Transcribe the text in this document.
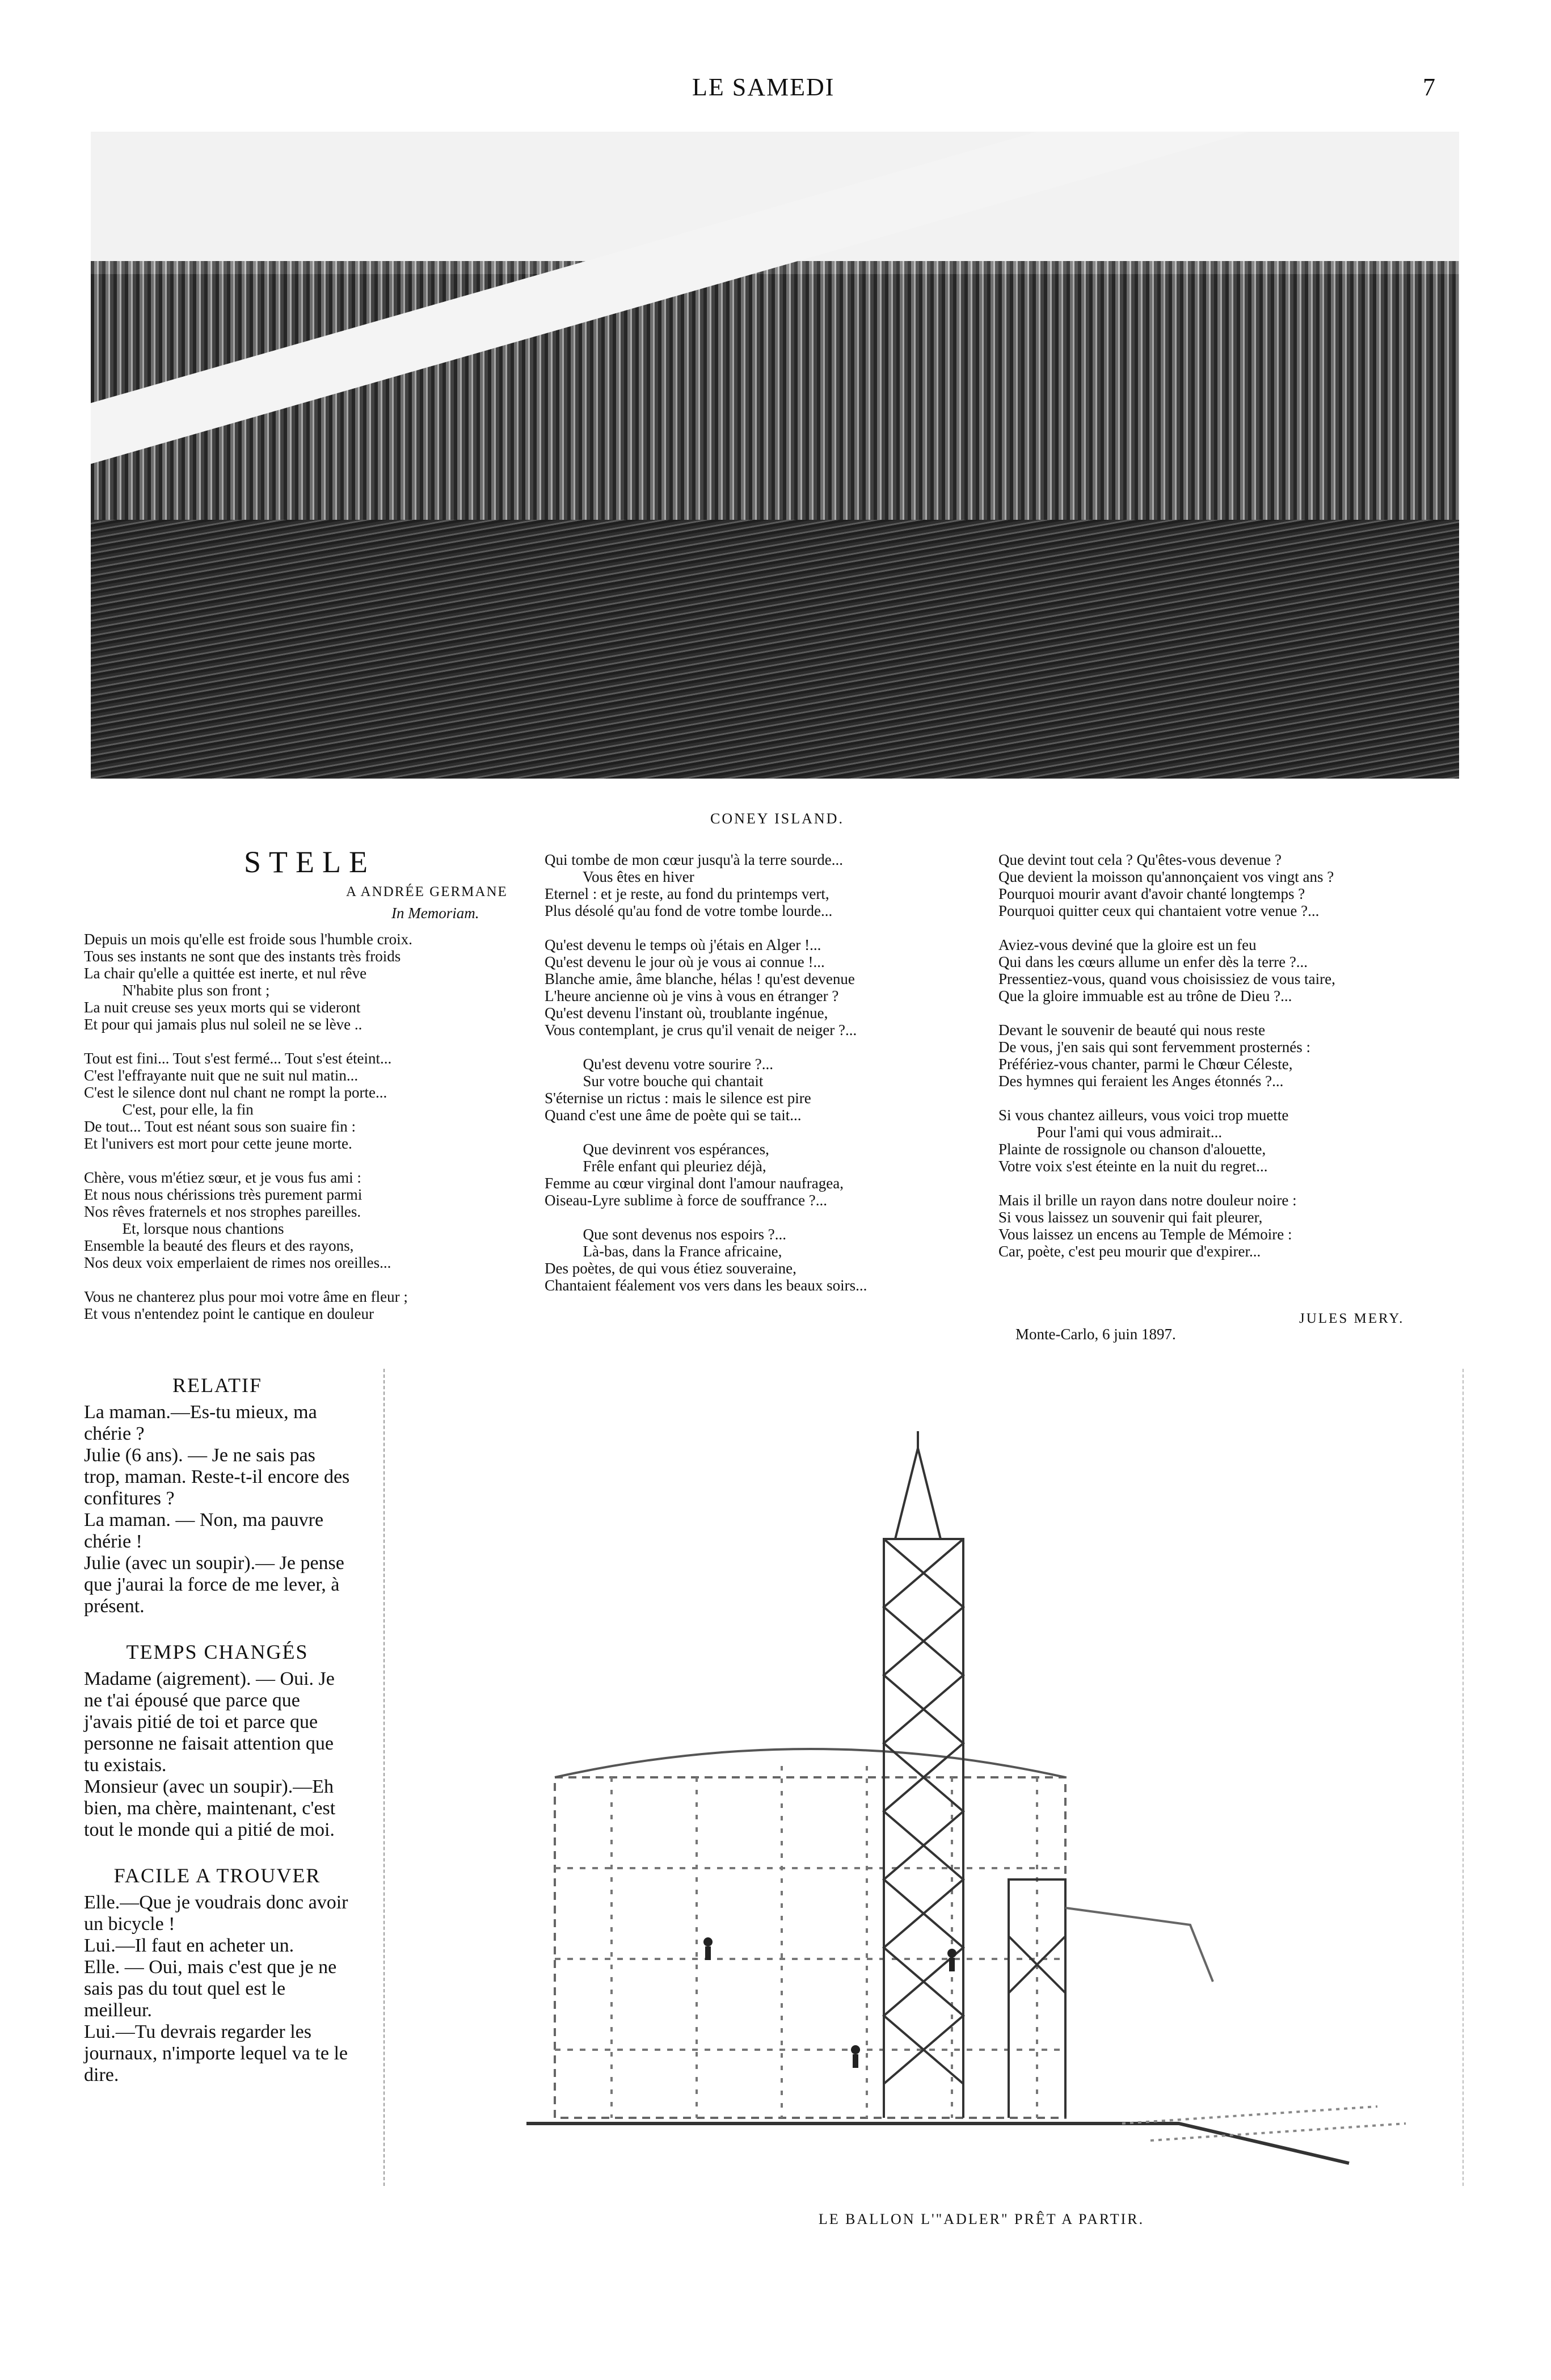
LE SAMEDI	7
CONEY ISLAND.
STELE
A ANDRÉE GERMANE
In Memoriam.
Depuis un mois qu'elle est froide sous l'humble croix.
Tous ses instants ne sont que des instants très froids
La chair qu'elle a quittée est inerte, et nul rêve
N'habite plus son front ;
La nuit creuse ses yeux morts qui se videront
Et pour qui jamais plus nul soleil ne se lève ..

Tout est fini... Tout s'est fermé... Tout s'est éteint...
C'est l'effrayante nuit que ne suit nul matin...
C'est le silence dont nul chant ne rompt la porte...
C'est, pour elle, la fin
De tout... Tout est néant sous son suaire fin :
Et l'univers est mort pour cette jeune morte.

Chère, vous m'étiez sœur, et je vous fus ami :
Et nous nous chérissions très purement parmi
Nos rêves fraternels et nos strophes pareilles.
Et, lorsque nous chantions
Ensemble la beauté des fleurs et des rayons,
Nos deux voix emperlaient de rimes nos oreilles...

Vous ne chanterez plus pour moi votre âme en fleur ;
Et vous n'entendez point le cantique en douleur
Qui tombe de mon cœur jusqu'à la terre sourde...
Vous êtes en hiver
Eternel : et je reste, au fond du printemps vert,
Plus désolé qu'au fond de votre tombe lourde...

Qu'est devenu le temps où j'étais en Alger !...
Qu'est devenu le jour où je vous ai connue !...
Blanche amie, âme blanche, hélas ! qu'est devenue
L'heure ancienne où je vins à vous en étranger ?
Qu'est devenu l'instant où, troublante ingénue,
Vous contemplant, je crus qu'il venait de neiger ?...

Qu'est devenu votre sourire ?...
Sur votre bouche qui chantait
S'éternise un rictus : mais le silence est pire
Quand c'est une âme de poète qui se tait...

Que devinrent vos espérances,
Frêle enfant qui pleuriez déjà,
Femme au cœur virginal dont l'amour naufragea,
Oiseau-Lyre sublime à force de souffrance ?...

Que sont devenus nos espoirs ?...
Là-bas, dans la France africaine,
Des poètes, de qui vous étiez souveraine,
Chantaient féalement vos vers dans les beaux soirs...
Que devint tout cela ? Qu'êtes-vous devenue ?
Que devient la moisson qu'annonçaient vos vingt ans ?
Pourquoi mourir avant d'avoir chanté longtemps ?
Pourquoi quitter ceux qui chantaient votre venue ?...

Aviez-vous deviné que la gloire est un feu
Qui dans les cœurs allume un enfer dès la terre ?...
Pressentiez-vous, quand vous choisissiez de vous taire,
Que la gloire immuable est au trône de Dieu ?...

Devant le souvenir de beauté qui nous reste
De vous, j'en sais qui sont fervemment prosternés :
Préfériez-vous chanter, parmi le Chœur Céleste,
Des hymnes qui feraient les Anges étonnés ?...

Si vous chantez ailleurs, vous voici trop muette
Pour l'ami qui vous admirait...
Plainte de rossignole ou chanson d'alouette,
Votre voix s'est éteinte en la nuit du regret...

Mais il brille un rayon dans notre douleur noire :
Si vous laissez un souvenir qui fait pleurer,
Vous laissez un encens au Temple de Mémoire :
Car, poète, c'est peu mourir que d'expirer...
JULES MERY.
Monte-Carlo, 6 juin 1897.
RELATIF

La maman.—Es-tu mieux, ma chérie ?

Julie (6 ans). — Je ne sais pas trop, maman. Reste-t-il encore des confitures ?

La maman. — Non, ma pauvre chérie !

Julie (avec un soupir).— Je pense que j'aurai la force de me lever, à présent.

TEMPS CHANGÉS

Madame (aigrement). — Oui. Je ne t'ai épousé que parce que j'avais pitié de toi et parce que personne ne faisait attention que tu existais.

Monsieur (avec un soupir).—Eh bien, ma chère, maintenant, c'est tout le monde qui a pitié de moi.

FACILE A TROUVER

Elle.—Que je voudrais donc avoir un bicycle !

Lui.—Il faut en acheter un.

Elle. — Oui, mais c'est que je ne sais pas du tout quel est le meilleur.

Lui.—Tu devrais regarder les journaux, n'importe lequel va te le dire.

LE BALLON L'"ADLER" PRÊT A PARTIR.
